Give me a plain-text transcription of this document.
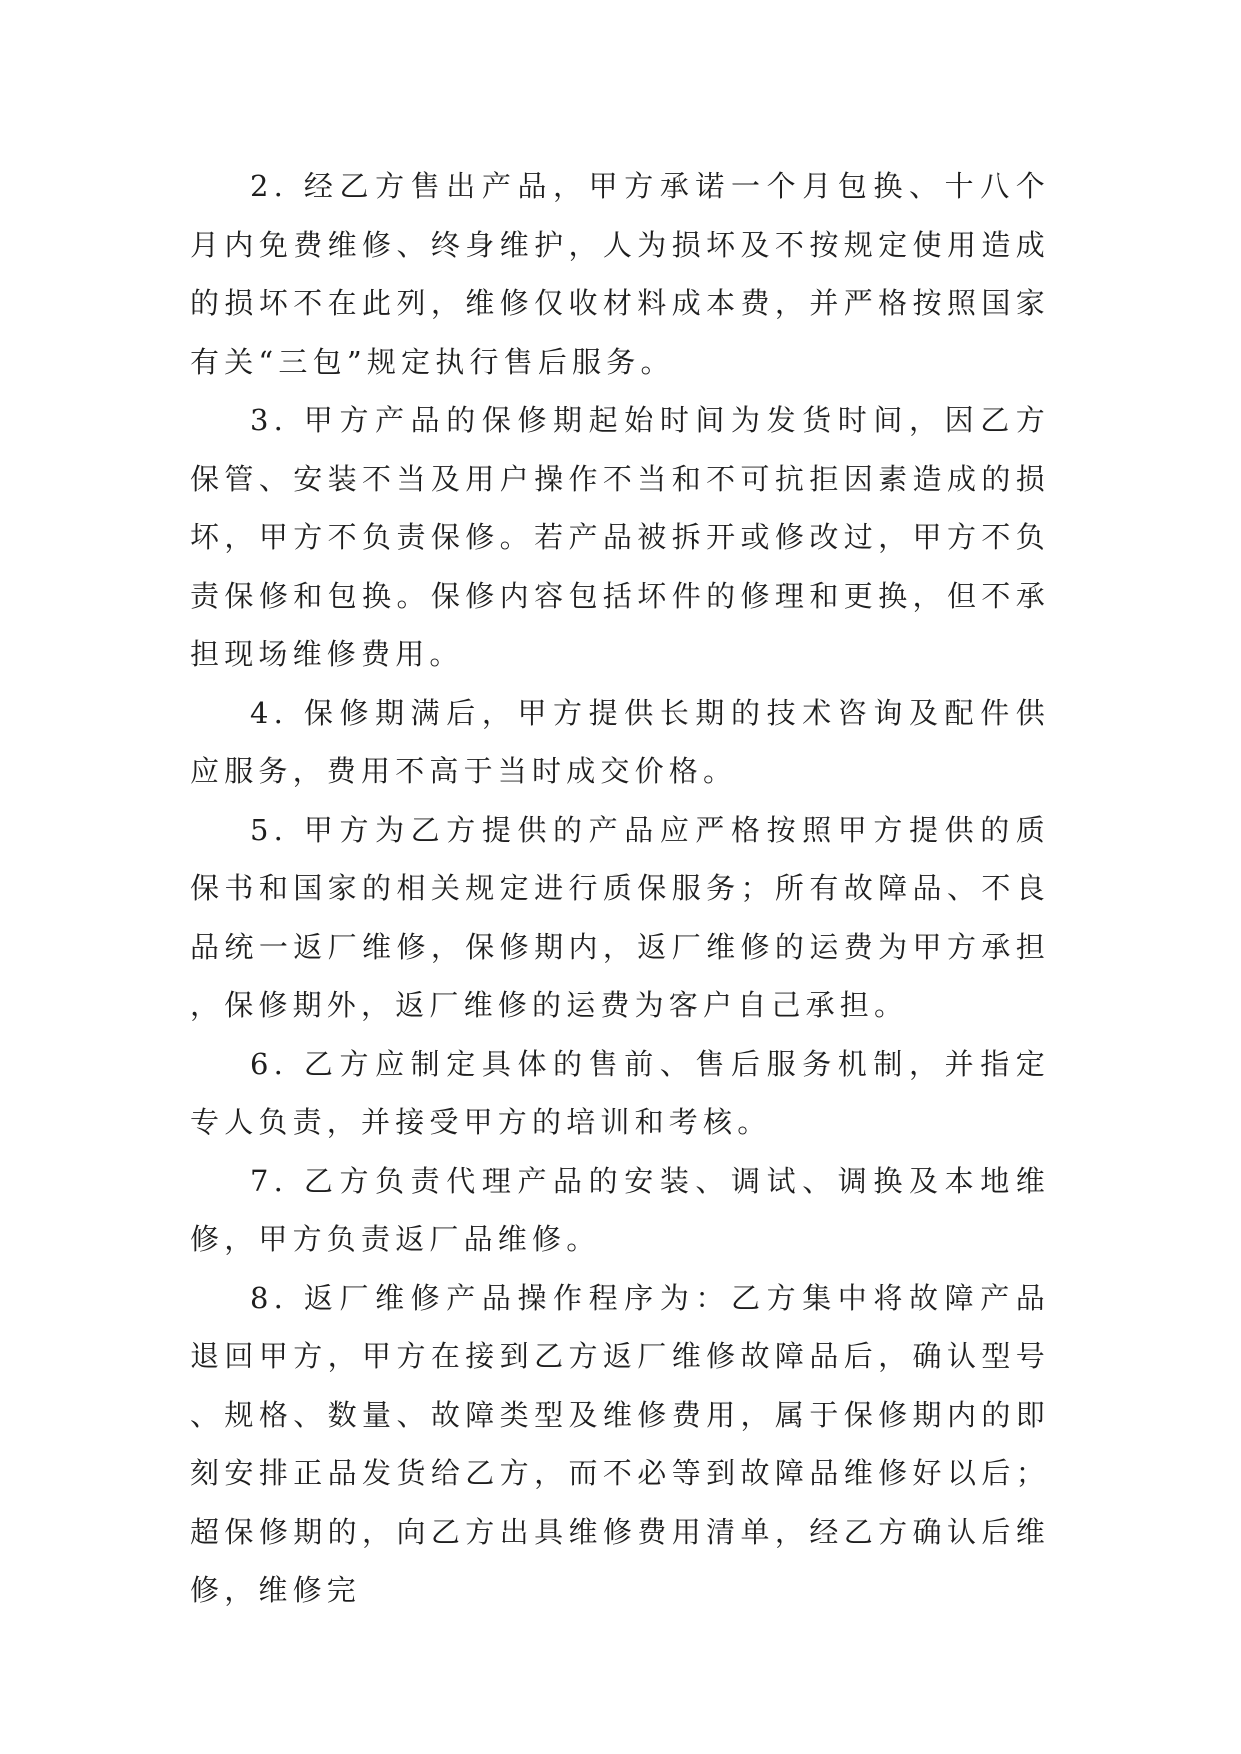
2. 经乙方售出产品，甲方承诺一个月包换、十八个月内免费维修、终身维护，人为损坏及不按规定使用造成的损坏不在此列，维修仅收材料成本费，并严格按照国家有关“三包”规定执行售后服务。

3. 甲方产品的保修期起始时间为发货时间，因乙方保管、安装不当及用户操作不当和不可抗拒因素造成的损坏，甲方不负责保修。若产品被拆开或修改过，甲方不负责保修和包换。保修内容包括坏件的修理和更换，但不承担现场维修费用。

4. 保修期满后，甲方提供长期的技术咨询及配件供应服务，费用不高于当时成交价格。

5. 甲方为乙方提供的产品应严格按照甲方提供的质保书和国家的相关规定进行质保服务；所有故障品、不良品统一返厂维修，保修期内，返厂维修的运费为甲方承担，保修期外，返厂维修的运费为客户自己承担。

6. 乙方应制定具体的售前、售后服务机制，并指定专人负责，并接受甲方的培训和考核。

7. 乙方负责代理产品的安装、调试、调换及本地维修，甲方负责返厂品维修。

8. 返厂维修产品操作程序为：乙方集中将故障产品退回甲方，甲方在接到乙方返厂维修故障品后，确认型号、规格、数量、故障类型及维修费用，属于保修期内的即刻安排正品发货给乙方，而不必等到故障品维修好以后；超保修期的，向乙方出具维修费用清单，经乙方确认后维修，维修完
